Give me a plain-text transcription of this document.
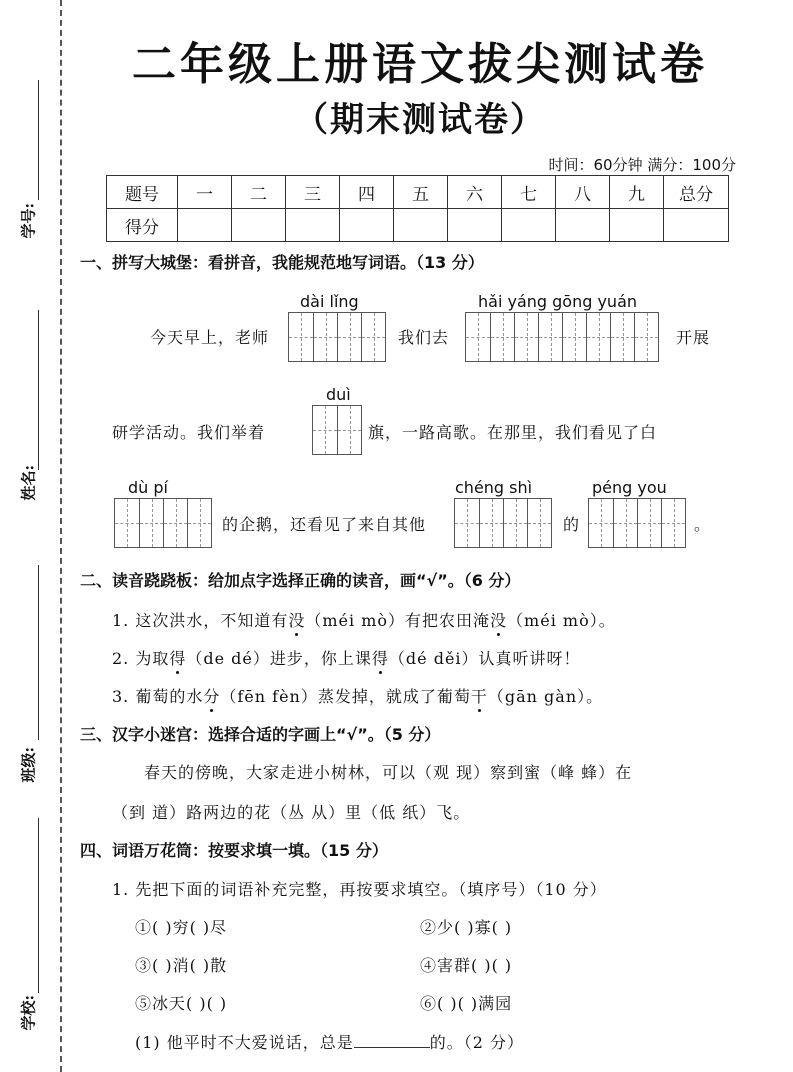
学号:
姓名:
班级:
学校:
二年级上册语文拔尖测试卷
（期末测试卷）
时间：60分钟 满分：100分
题号	一	二	三	四	五	六	七	八	九	总分
得分										
一、拼写大城堡：看拼音，我能规范地写词语。（13 分）
dài lǐng	hǎi yáng gōng yuán
今天早上，老师	我们去	开展
duì
研学活动。我们举着	旗，一路高歌。在那里，我们看见了白
dù pí
的企鹅，还看见了来自其他
chéng shì
的
péng you
。
二、读音跷跷板：给加点字选择正确的读音，画“√”。（6 分）
1. 这次洪水，不知道有没（méi mò）有把农田淹没（méi mò）。
2. 为取得（de dé）进步，你上课得（dé děi）认真听讲呀！
3. 葡萄的水分（fēn fèn）蒸发掉，就成了葡萄干（gān gàn）。
三、汉字小迷宫：选择合适的字画上“√”。（5 分）
春天的傍晚，大家走进小树林，可以（观 现）察到蜜（峰 蜂）在
（到 道）路两边的花（丛 从）里（低 纸）飞。
四、词语万花筒：按要求填一填。（15 分）
1. 先把下面的词语补充完整，再按要求填空。（填序号）（10 分）
①( )穷( )尽	②少( )寡( )
③( )消( )散	④害群( )( )
⑤冰天( )( )	⑥( )( )满园
(1) 他平时不大爱说话，总是	的。（2 分）
